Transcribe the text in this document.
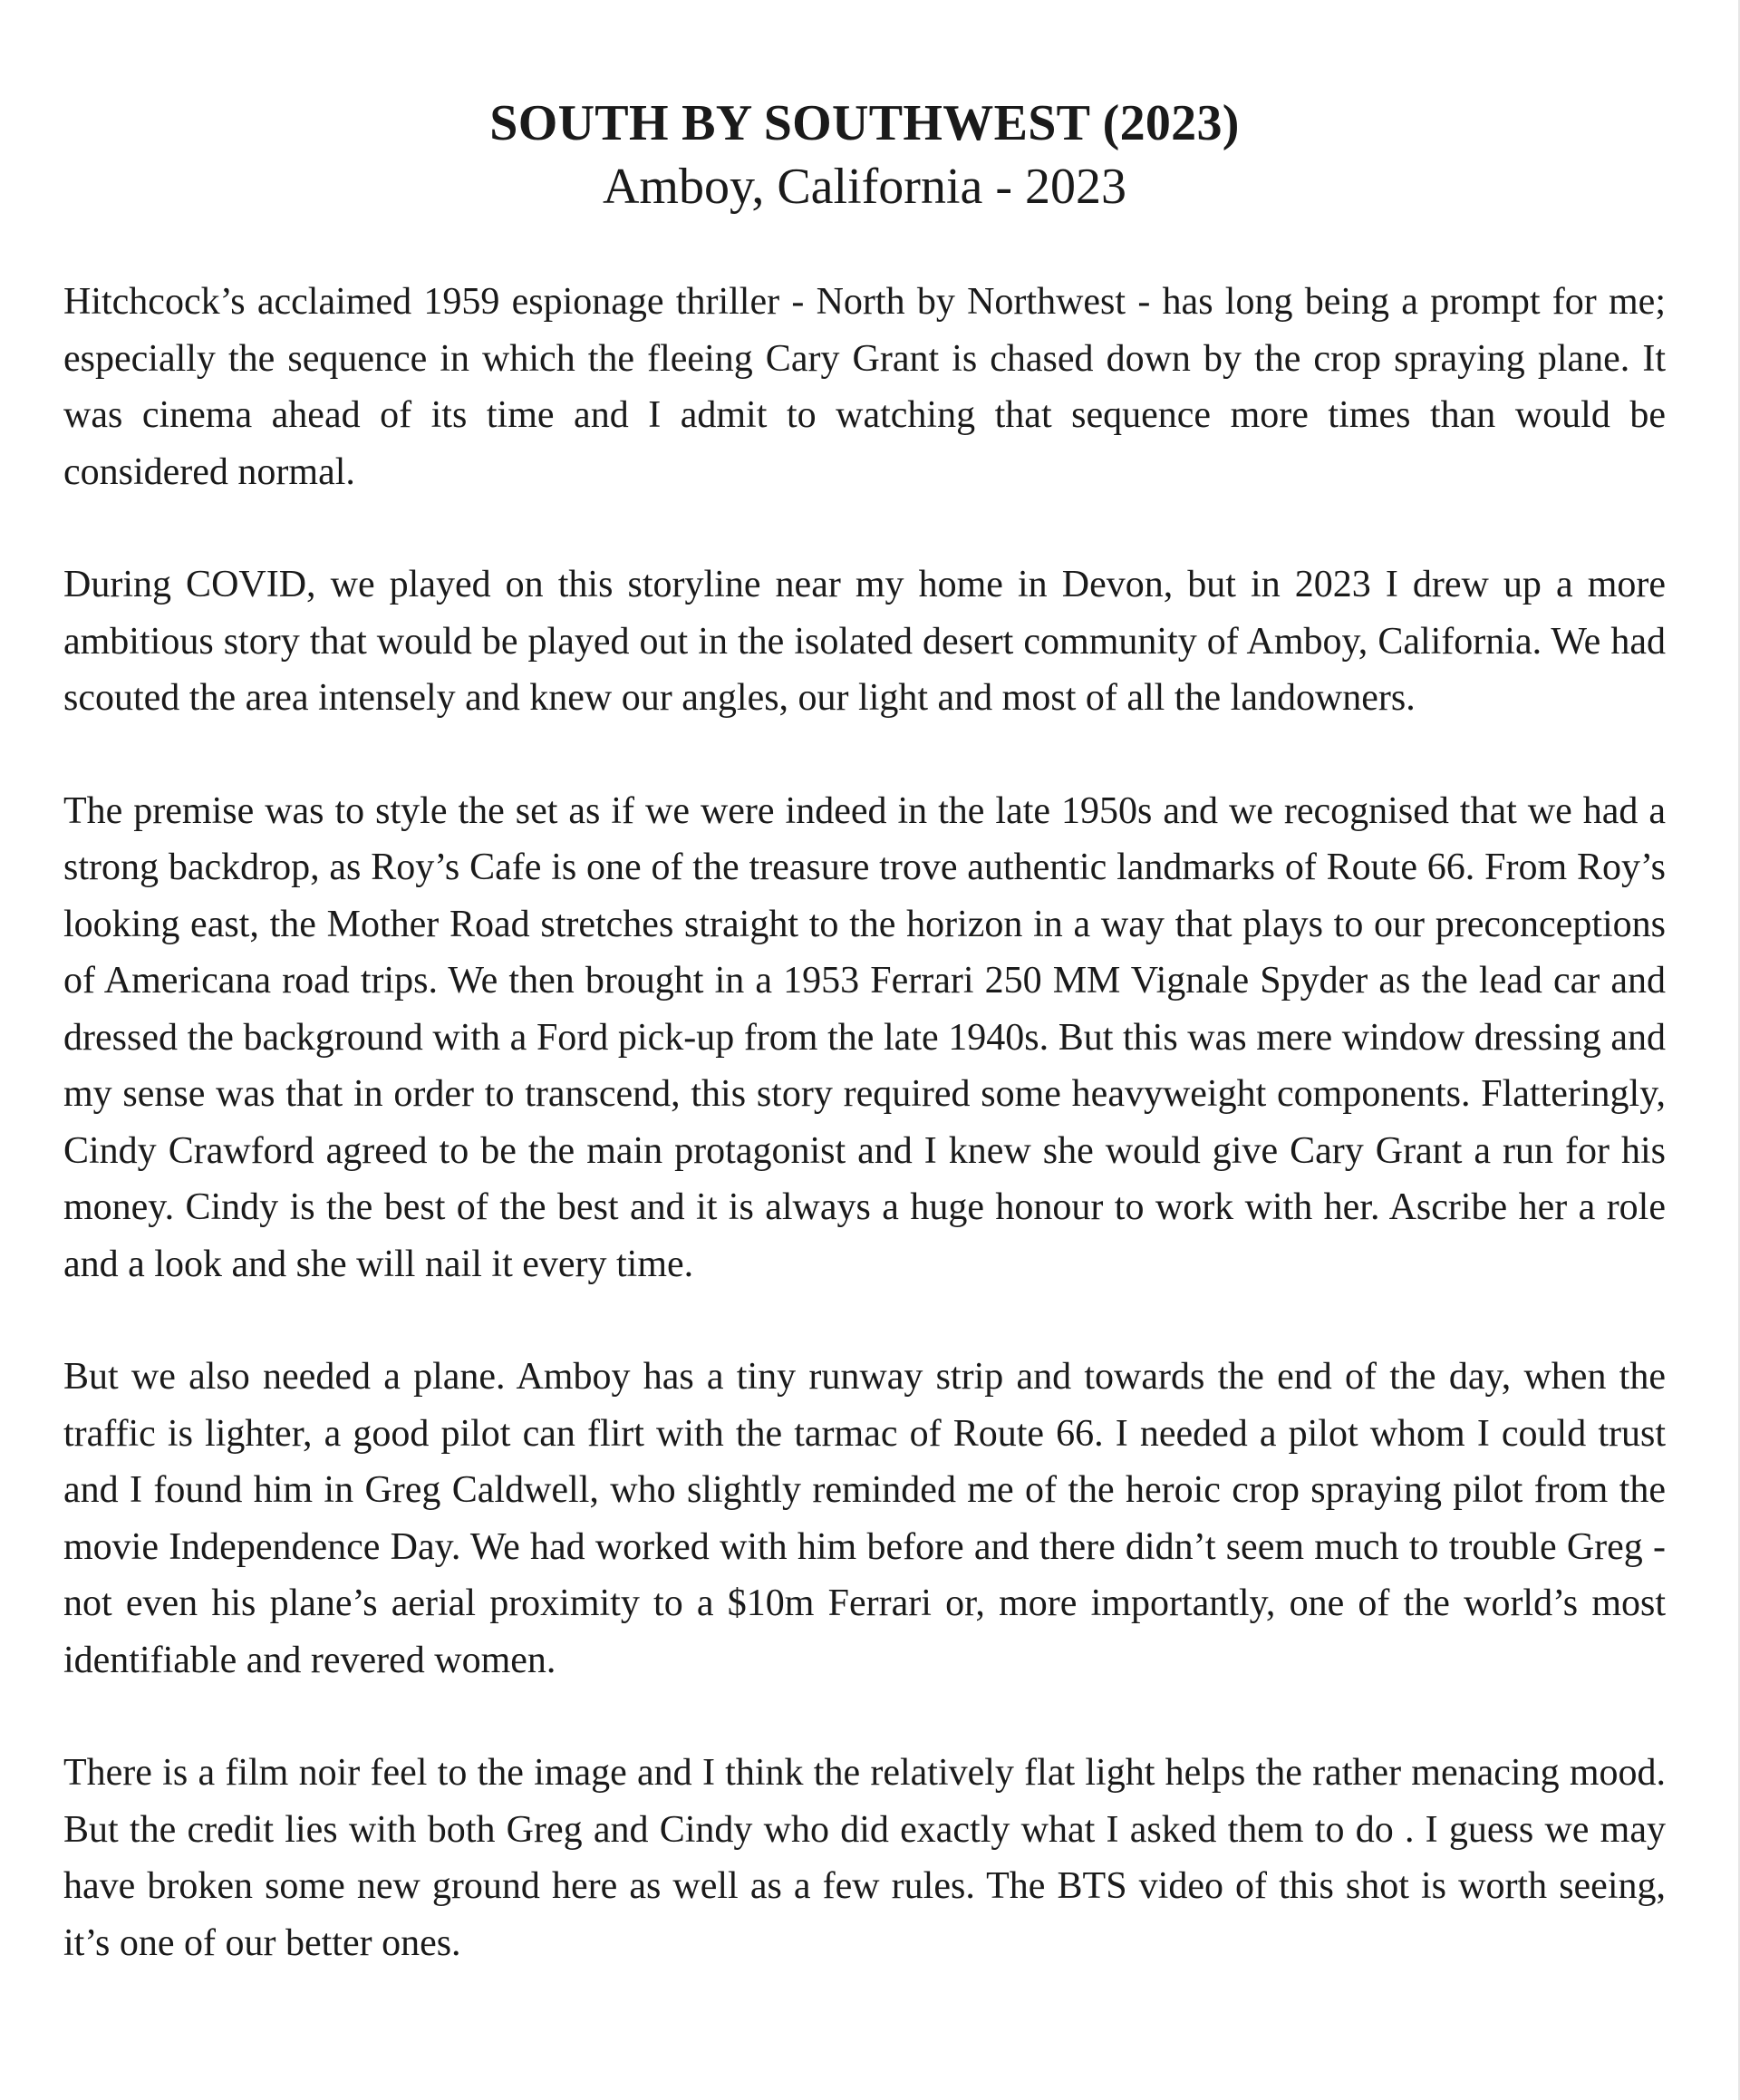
SOUTH BY SOUTHWEST (2023)
Amboy, California - 2023

Hitchcock’s acclaimed 1959 espionage thriller - North by Northwest - has long being a prompt for me; especially the sequence in which the fleeing Cary Grant is chased down by the crop spraying plane. It was cinema ahead of its time and I admit to watching that sequence more times than would be considered normal.

During COVID, we played on this storyline near my home in Devon, but in 2023 I drew up a more ambitious story that would be played out in the isolated desert community of Amboy, California. We had scouted the area intensely and knew our angles, our light and most of all the landowners.

The premise was to style the set as if we were indeed in the late 1950s and we recognised that we had a strong backdrop, as Roy’s Cafe is one of the treasure trove authentic landmarks of Route 66. From Roy’s looking east, the Mother Road stretches straight to the horizon in a way that plays to our preconceptions of Americana road trips. We then brought in a 1953 Ferrari 250 MM Vignale Spyder as the lead car and dressed the background with a Ford pick-up from the late 1940s. But this was mere window dressing and my sense was that in order to transcend, this story required some heavyweight components. Flatteringly, Cindy Crawford agreed to be the main protagonist and I knew she would give Cary Grant a run for his money. Cindy is the best of the best and it is always a huge honour to work with her. Ascribe her a role and a look and she will nail it every time.

But we also needed a plane. Amboy has a tiny runway strip and towards the end of the day, when the traffic is lighter, a good pilot can flirt with the tarmac of Route 66. I needed a pilot whom I could trust and I found him in Greg Caldwell, who slightly reminded me of the heroic crop spraying pilot from the movie Independence Day. We had worked with him before and there didn’t seem much to trouble Greg - not even his plane’s aerial proximity to a $10m Ferrari or, more importantly, one of the world’s most identifiable and revered women.

There is a film noir feel to the image and I think the relatively flat light helps the rather menacing mood. But the credit lies with both Greg and Cindy who did exactly what I asked them to do . I guess we may have broken some new ground here as well as a few rules. The BTS video of this shot is worth seeing, it’s one of our better ones.
